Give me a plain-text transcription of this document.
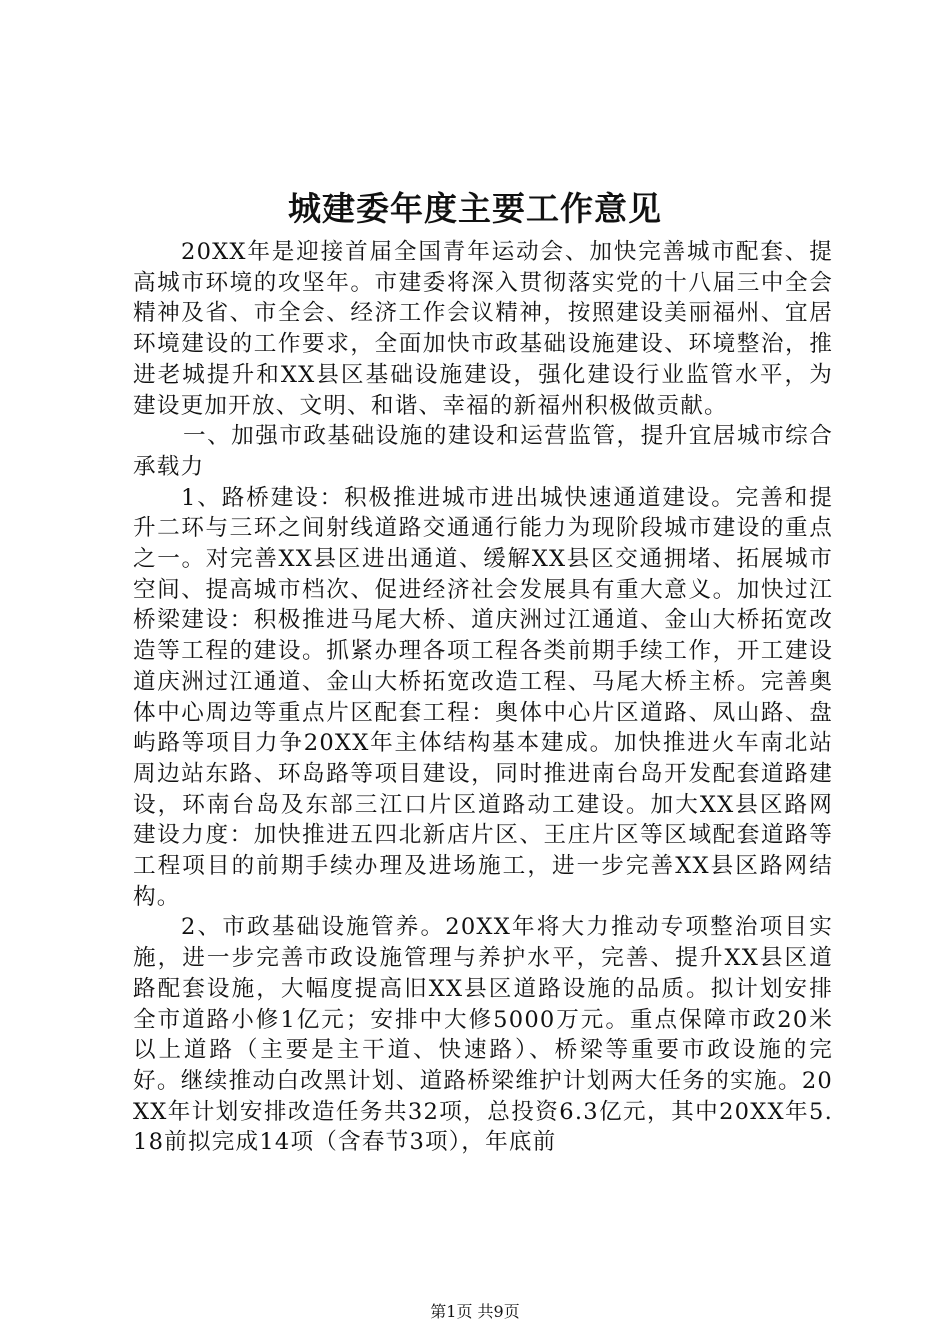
城建委年度主要工作意见

20XX年是迎接首届全国青年运动会、加快完善城市配套、提高城市环境的攻坚年。市建委将深入贯彻落实党的十八届三中全会精神及省、市全会、经济工作会议精神，按照建设美丽福州、宜居环境建设的工作要求，全面加快市政基础设施建设、环境整治，推进老城提升和XX县区基础设施建设，强化建设行业监管水平，为建设更加开放、文明、和谐、幸福的新福州积极做贡献。

一、加强市政基础设施的建设和运营监管，提升宜居城市综合承载力

1、路桥建设：积极推进城市进出城快速通道建设。完善和提升二环与三环之间射线道路交通通行能力为现阶段城市建设的重点之一。对完善XX县区进出通道、缓解XX县区交通拥堵、拓展城市空间、提高城市档次、促进经济社会发展具有重大意义。加快过江桥梁建设：积极推进马尾大桥、道庆洲过江通道、金山大桥拓宽改造等工程的建设。抓紧办理各项工程各类前期手续工作，开工建设道庆洲过江通道、金山大桥拓宽改造工程、马尾大桥主桥。完善奥体中心周边等重点片区配套工程：奥体中心片区道路、凤山路、盘屿路等项目力争20XX年主体结构基本建成。加快推进火车南北站周边站东路、环岛路等项目建设，同时推进南台岛开发配套道路建设，环南台岛及东部三江口片区道路动工建设。加大XX县区路网建设力度：加快推进五四北新店片区、王庄片区等区域配套道路等工程项目的前期手续办理及进场施工，进一步完善XX县区路网结构。

2、市政基础设施管养。20XX年将大力推动专项整治项目实施，进一步完善市政设施管理与养护水平，完善、提升XX县区道路配套设施，大幅度提高旧XX县区道路设施的品质。拟计划安排全市道路小修1亿元；安排中大修5000万元。重点保障市政20米以上道路（主要是主干道、快速路）、桥梁等重要市政设施的完好。继续推动白改黑计划、道路桥梁维护计划两大任务的实施。20XX年计划安排改造任务共32项，总投资6.3亿元，其中20XX年5.18前拟完成14项（含春节3项），年底前

第1页 共9页
